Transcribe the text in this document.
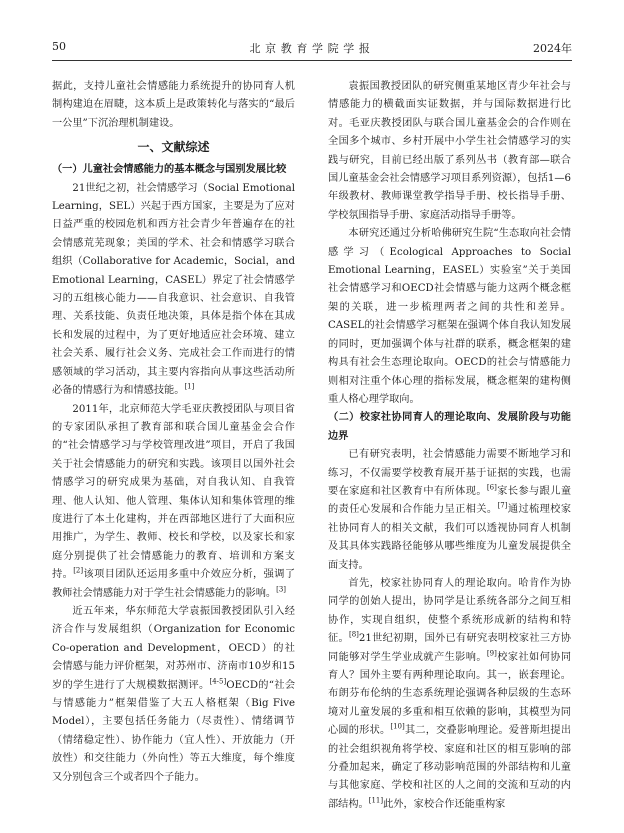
50	北京教育学院学报	2024年

据此，支持儿童社会情感能力系统提升的协同育人机制构建迫在眉睫，这本质上是政策转化与落实的“最后一公里”下沉治理机制建设。

一、文献综述
（一）儿童社会情感能力的基本概念与国别发展比较

21世纪之初，社会情感学习（Social Emotional Learning，SEL）兴起于西方国家，主要是为了应对日益严重的校园危机和西方社会青少年普遍存在的社会情感荒芜现象；美国的学术、社会和情感学习联合组织（Collaborative for Academic，Social，and Emotional Learning，CASEL）界定了社会情感学习的五组核心能力——自我意识、社会意识、自我管理、关系技能、负责任地决策，具体是指个体在其成长和发展的过程中，为了更好地适应社会环境、建立社会关系、履行社会义务、完成社会工作而进行的情感领域的学习活动，其主要内容指向从事这些活动所必备的情感行为和情感技能。[1]

2011年，北京师范大学毛亚庆教授团队与项目省的专家团队承担了教育部和联合国儿童基金会合作的“社会情感学习与学校管理改进”项目，开启了我国关于社会情感能力的研究和实践。该项目以国外社会情感学习的研究成果为基础，对自我认知、自我管理、他人认知、他人管理、集体认知和集体管理的维度进行了本土化建构，并在西部地区进行了大面积应用推广，为学生、教师、校长和学校，以及家长和家庭分别提供了社会情感能力的教育、培训和方案支持。[2]该项目团队还运用多重中介效应分析，强调了教师社会情感能力对于学生社会情感能力的影响。[3]

近五年来，华东师范大学袁振国教授团队引入经济合作与发展组织（Organization for Economic Co-operation and Development，OECD）的社会情感与能力评价框架，对苏州市、济南市10岁和15岁的学生进行了大规模数据测评。[4-5]OECD的“社会与情感能力”框架借鉴了大五人格框架（Big Five Model），主要包括任务能力（尽责性）、情绪调节（情绪稳定性）、协作能力（宜人性）、开放能力（开放性）和交往能力（外向性）等五大维度，每个维度又分别包含三个或者四个子能力。

袁振国教授团队的研究侧重某地区青少年社会与情感能力的横截面实证数据，并与国际数据进行比对。毛亚庆教授团队与联合国儿童基金会的合作则在全国多个城市、乡村开展中小学生社会情感学习的实践与研究，目前已经出版了系列丛书（教育部—联合国儿童基金会社会情感学习项目系列资源），包括1—6年级教材、教师课堂教学指导手册、校长指导手册、学校氛围指导手册、家庭活动指导手册等。

本研究还通过分析哈佛研究生院“生态取向社会情感学习（Ecological Approaches to Social Emotional Learning，EASEL）实验室”关于美国社会情感学习和OECD社会情感与能力这两个概念框架的关联，进一步梳理两者之间的共性和差异。CASEL的社会情感学习框架在强调个体自我认知发展的同时，更加强调个体与社群的联系，概念框架的建构具有社会生态理论取向。OECD的社会与情感能力则相对注重个体心理的指标发展，概念框架的建构侧重人格心理学取向。

（二）校家社协同育人的理论取向、发展阶段与功能边界

已有研究表明，社会情感能力需要不断地学习和练习，不仅需要学校教育展开基于证据的实践，也需要在家庭和社区教育中有所体现。[6]家长参与跟儿童的责任心发展和合作能力呈正相关。[7]通过梳理校家社协同育人的相关文献，我们可以透视协同育人机制及其具体实践路径能够从哪些维度为儿童发展提供全面支持。

首先，校家社协同育人的理论取向。哈肯作为协同学的创始人提出，协同学是让系统各部分之间互相协作，实现自组织，使整个系统形成新的结构和特征。[8]21世纪初期，国外已有研究表明校家社三方协同能够对学生学业成就产生影响。[9]校家社如何协同育人？国外主要有两种理论取向。其一，嵌套理论。布朗芬布伦纳的生态系统理论强调各种层级的生态环境对儿童发展的多重和相互依赖的影响，其模型为同心圆的形状。[10]其二，交叠影响理论。爱普斯坦提出的社会组织视角将学校、家庭和社区的相互影响的部分叠加起来，确定了移动影响范围的外部结构和儿童与其他家庭、学校和社区的人之间的交流和互动的内部结构。[11]此外，家校合作还能重构家
